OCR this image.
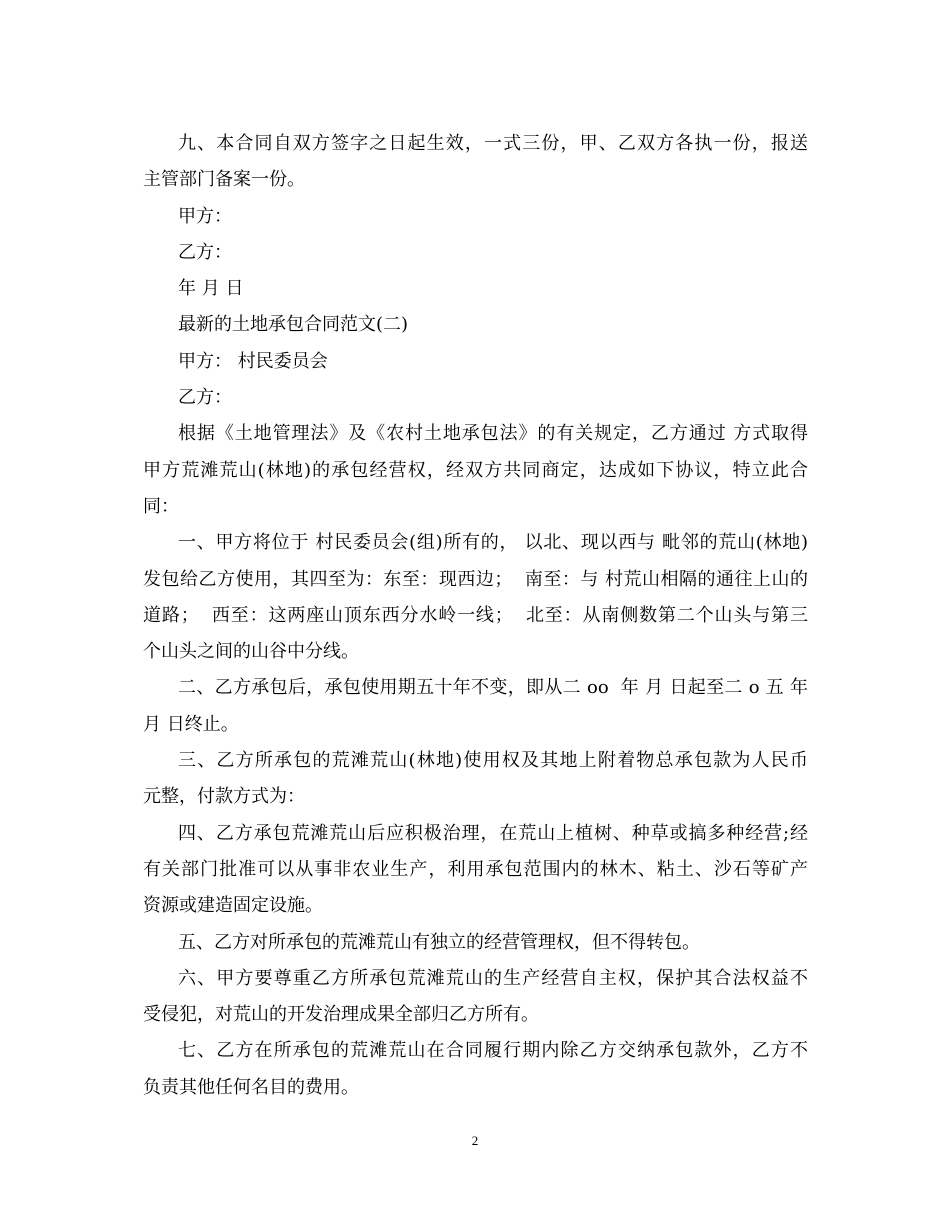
九、本合同自双方签字之日起生效，一式三份，甲、乙双方各执一份，报送
主管部门备案一份。
甲方：
乙方：
年 月 日
最新的土地承包合同范文(二)
甲方： 村民委员会
乙方：
根据《土地管理法》及《农村土地承包法》的有关规定，乙方通过 方式取得
甲方荒滩荒山(林地)的承包经营权，经双方共同商定，达成如下协议，特立此合
同：
一、甲方将位于 村民委员会(组)所有的， 以北、现以西与 毗邻的荒山(林地)
发包给乙方使用，其四至为：东至：现西边；  南至：与 村荒山相隔的通往上山的
道路；  西至：这两座山顶东西分水岭一线；  北至：从南侧数第二个山头与第三
个山头之间的山谷中分线。
二、乙方承包后，承包使用期五十年不变，即从二 oo  年 月 日起至二 o 五 年
月 日终止。
三、乙方所承包的荒滩荒山(林地)使用权及其地上附着物总承包款为人民币
元整，付款方式为：
四、乙方承包荒滩荒山后应积极治理，在荒山上植树、种草或搞多种经营;经
有关部门批准可以从事非农业生产，利用承包范围内的林木、粘土、沙石等矿产
资源或建造固定设施。
五、乙方对所承包的荒滩荒山有独立的经营管理权，但不得转包。
六、甲方要尊重乙方所承包荒滩荒山的生产经营自主权，保护其合法权益不
受侵犯，对荒山的开发治理成果全部归乙方所有。
七、乙方在所承包的荒滩荒山在合同履行期内除乙方交纳承包款外，乙方不
负责其他任何名目的费用。
2
